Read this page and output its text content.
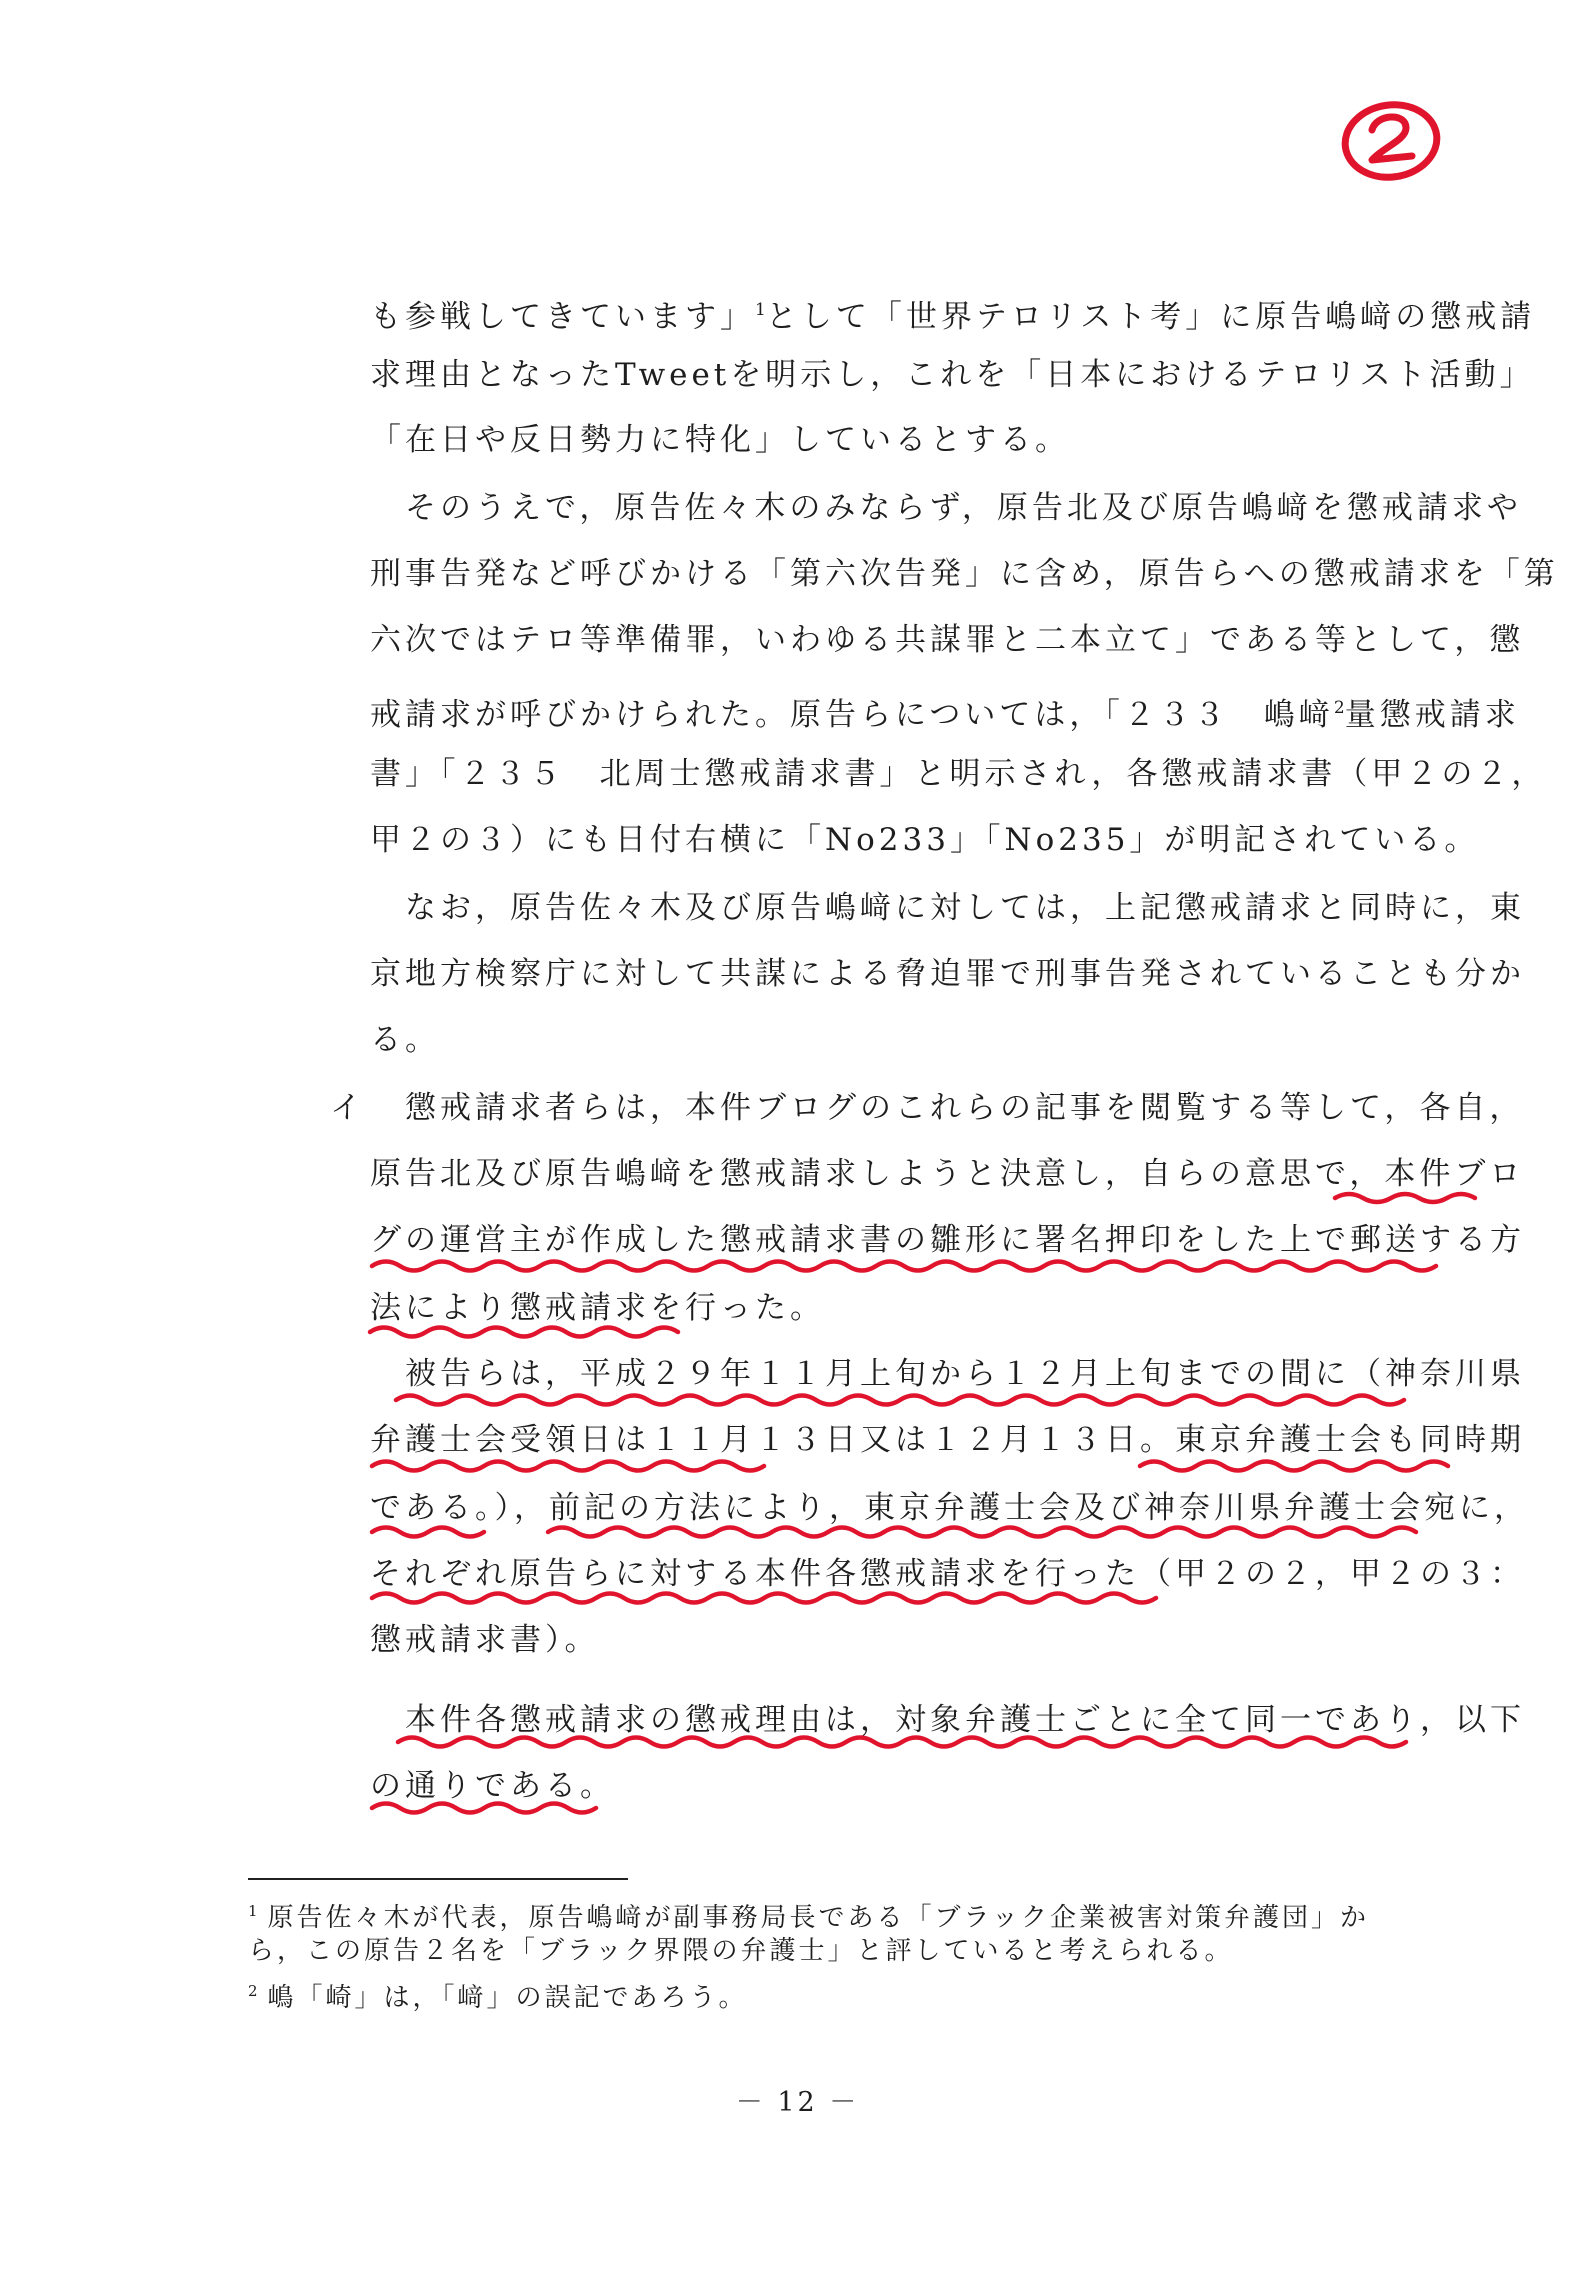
も参戦してきています」$^1$として「世界テロリスト考」に原告嶋﨑の懲戒請
求理由となったTweetを明示し，これを「日本におけるテロリスト活動」
「在日や反日勢力に特化」しているとする。
　そのうえで，原告佐々木のみならず，原告北及び原告嶋﨑を懲戒請求や
刑事告発など呼びかける「第六次告発」に含め，原告らへの懲戒請求を「第
六次ではテロ等準備罪，いわゆる共謀罪と二本立て」である等として，懲
戒請求が呼びかけられた。原告らについては，「２３３　嶋﨑$^2$量懲戒請求
書」「２３５　北周士懲戒請求書」と明示され，各懲戒請求書（甲２の２，
甲２の３）にも日付右横に「No233」「No235」が明記されている。
　なお，原告佐々木及び原告嶋﨑に対しては，上記懲戒請求と同時に，東
京地方検察庁に対して共謀による脅迫罪で刑事告発されていることも分か
る。
イ 懲戒請求者らは，本件ブログのこれらの記事を閲覧する等して，各自，
原告北及び原告嶋﨑を懲戒請求しようと決意し，自らの意思で，本件ブロ
グの運営主が作成した懲戒請求書の雛形に署名押印をした上で郵送する方
法により懲戒請求を行った。
　被告らは，平成２９年１１月上旬から１２月上旬までの間に（神奈川県
弁護士会受領日は１１月１３日又は１２月１３日。東京弁護士会も同時期
である。），前記の方法により，東京弁護士会及び神奈川県弁護士会宛に，
それぞれ原告らに対する本件各懲戒請求を行った（甲２の２，甲２の３：
懲戒請求書）。
　本件各懲戒請求の懲戒理由は，対象弁護士ごとに全て同一であり，以下
の通りである。
$^1$ 原告佐々木が代表，原告嶋﨑が副事務局長である「ブラック企業被害対策弁護団」か
ら，この原告２名を「ブラック界隈の弁護士」と評していると考えられる。
$^2$ 嶋「崎」は，「﨑」の誤記であろう。
－ 12 －
